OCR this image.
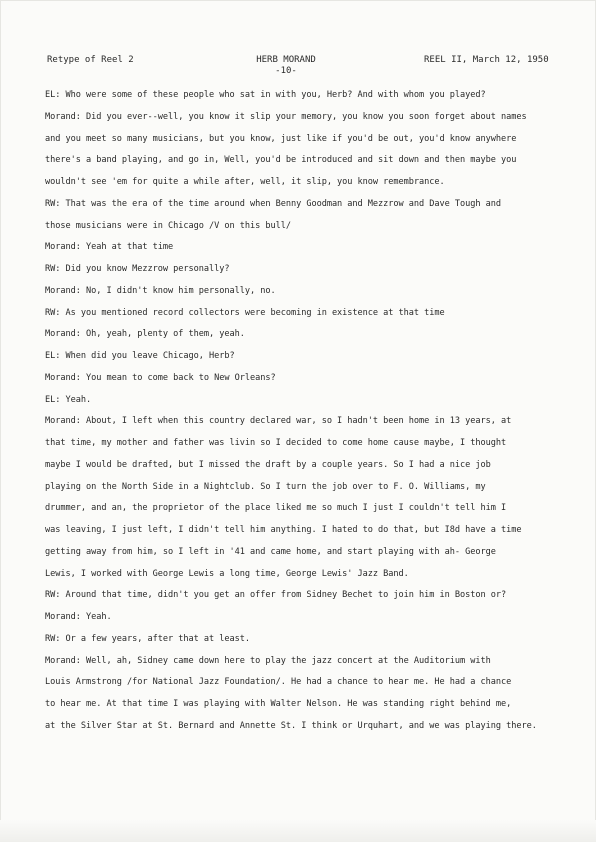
Retype of Reel 2	HERB MORAND
-10-
REEL II, March 12, 1950
EL: Who were some of these people who sat in with you, Herb? And with whom you played?
Morand: Did you ever--well, you know it slip your memory, you know you soon forget about names
and you meet so many musicians, but you know, just like if you'd be out, you'd know anywhere
there's a band playing, and go in, Well, you'd be introduced and sit down and then maybe you
wouldn't see 'em for quite a while after, well, it slip, you know remembrance.
RW: That was the era of the time around when Benny Goodman and Mezzrow and Dave Tough and
those musicians were in Chicago /V on this bull/
Morand: Yeah at that time
RW: Did you know Mezzrow personally?
Morand: No, I didn't know him personally, no.
RW: As you mentioned record collectors were becoming in existence at that time
Morand: Oh, yeah, plenty of them, yeah.
EL: When did you leave Chicago, Herb?
Morand: You mean to come back to New Orleans?
EL: Yeah.
Morand: About, I left when this country declared war, so I hadn't been home in 13 years, at
that time, my mother and father was livin so I decided to come home cause maybe, I thought
maybe I would be drafted, but I missed the draft by a couple years. So I had a nice job
playing on the North Side in a Nightclub. So I turn the job over to F. O. Williams, my
drummer, and an, the proprietor of the place liked me so much I just I couldn't tell him I
was leaving, I just left, I didn't tell him anything. I hated to do that, but I8d have a time
getting away from him, so I left in '41 and came home, and start playing with ah- George
Lewis, I worked with George Lewis a long time, George Lewis' Jazz Band.
RW: Around that time, didn't you get an offer from Sidney Bechet to join him in Boston or?
Morand: Yeah.
RW: Or a few years, after that at least.
Morand: Well, ah, Sidney came down here to play the jazz concert at the Auditorium with
Louis Armstrong /for National Jazz Foundation/. He had a chance to hear me. He had a chance
to hear me. At that time I was playing with Walter Nelson. He was standing right behind me,
at the Silver Star at St. Bernard and Annette St. I think or Urquhart, and we was playing there.
